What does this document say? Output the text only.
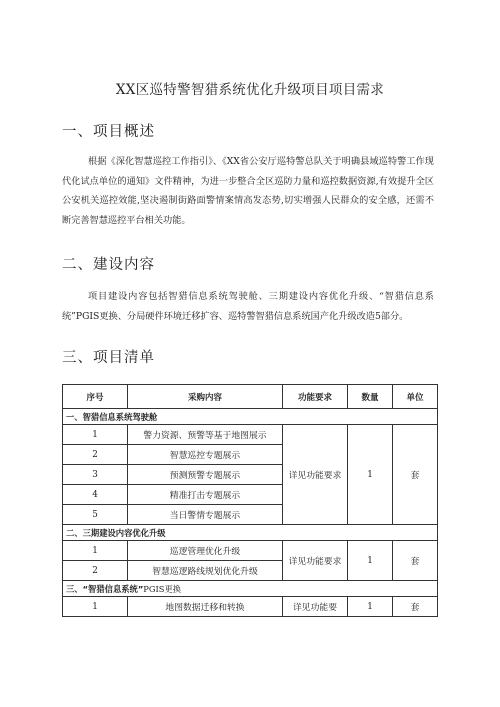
XX区巡特警智猎系统优化升级项目项目需求
一、项目概述

根据《深化智慧巡控工作指引》、《XX省公安厅巡特警总队关于明确县域巡特警工作现代化试点单位的通知》文件精神，为进一步整合全区巡防力量和巡控数据资源,有效提升全区公安机关巡控效能,坚决遏制街路面警情案情高发态势,切实增强人民群众的安全感，还需不断完善智慧巡控平台相关功能。

二、建设内容

项目建设内容包括智猎信息系统驾驶舱、三期建设内容优化升级、“智猎信息系统”PGIS更换、分局硬件环境迁移扩容、巡特警智猎信息系统国产化升级改造5部分。

三、项目清单
序号	采购内容	功能要求	数量	单位
一、智猎信息系统驾驶舱				
1	警力资源、预警等基于地图展示	详见功能要求	1	套
2	智慧巡控专题展示			
3	预测预警专题展示			
4	精准打击专题展示			
5	当日警情专题展示			
二、三期建设内容优化升级				
1	巡逻管理优化升级	详见功能要求	1	套
2	智慧巡逻路线规划优化升级			
三、“智猎信息系统”PGIS更换				
1	地图数据迁移和转换	详见功能要	1	套
